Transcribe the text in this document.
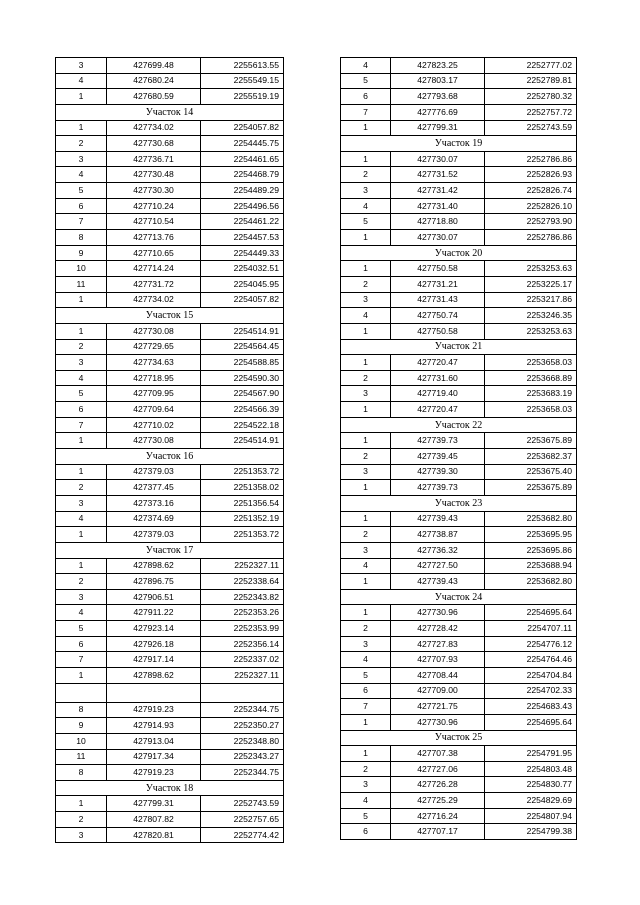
3	427699.48	2255613.55
4	427680.24	2255549.15
1	427680.59	2255519.19
Участок 14		
1	427734.02	2254057.82
2	427730.68	2254445.75
3	427736.71	2254461.65
4	427730.48	2254468.79
5	427730.30	2254489.29
6	427710.24	2254496.56
7	427710.54	2254461.22
8	427713.76	2254457.53
9	427710.65	2254449.33
10	427714.24	2254032.51
11	427731.72	2254045.95
1	427734.02	2254057.82
Участок 15		
1	427730.08	2254514.91
2	427729.65	2254564.45
3	427734.63	2254588.85
4	427718.95	2254590.30
5	427709.95	2254567.90
6	427709.64	2254566.39
7	427710.02	2254522.18
1	427730.08	2254514.91
Участок 16		
1	427379.03	2251353.72
2	427377.45	2251358.02
3	427373.16	2251356.54
4	427374.69	2251352.19
1	427379.03	2251353.72
Участок 17		
1	427898.62	2252327.11
2	427896.75	2252338.64
3	427906.51	2252343.82
4	427911.22	2252353.26
5	427923.14	2252353.99
6	427926.18	2252356.14
7	427917.14	2252337.02
1	427898.62	2252327.11

8	427919.23	2252344.75
9	427914.93	2252350.27
10	427913.04	2252348.80
11	427917.34	2252343.27
8	427919.23	2252344.75
Участок 18		
1	427799.31	2252743.59
2	427807.82	2252757.65
3	427820.81	2252774.42
4	427823.25	2252777.02
5	427803.17	2252789.81
6	427793.68	2252780.32
7	427776.69	2252757.72
1	427799.31	2252743.59
Участок 19		
1	427730.07	2252786.86
2	427731.52	2252826.93
3	427731.42	2252826.74
4	427731.40	2252826.10
5	427718.80	2252793.90
1	427730.07	2252786.86
Участок 20		
1	427750.58	2253253.63
2	427731.21	2253225.17
3	427731.43	2253217.86
4	427750.74	2253246.35
1	427750.58	2253253.63
Участок 21		
1	427720.47	2253658.03
2	427731.60	2253668.89
3	427719.40	2253683.19
1	427720.47	2253658.03
Участок 22		
1	427739.73	2253675.89
2	427739.45	2253682.37
3	427739.30	2253675.40
1	427739.73	2253675.89
Участок 23		
1	427739.43	2253682.80
2	427738.87	2253695.95
3	427736.32	2253695.86
4	427727.50	2253688.94
1	427739.43	2253682.80
Участок 24		
1	427730.96	2254695.64
2	427728.42	2254707.11
3	427727.83	2254776.12
4	427707.93	2254764.46
5	427708.44	2254704.84
6	427709.00	2254702.33
7	427721.75	2254683.43
1	427730.96	2254695.64
Участок 25		
1	427707.38	2254791.95
2	427727.06	2254803.48
3	427726.28	2254830.77
4	427725.29	2254829.69
5	427716.24	2254807.94
6	427707.17	2254799.38
